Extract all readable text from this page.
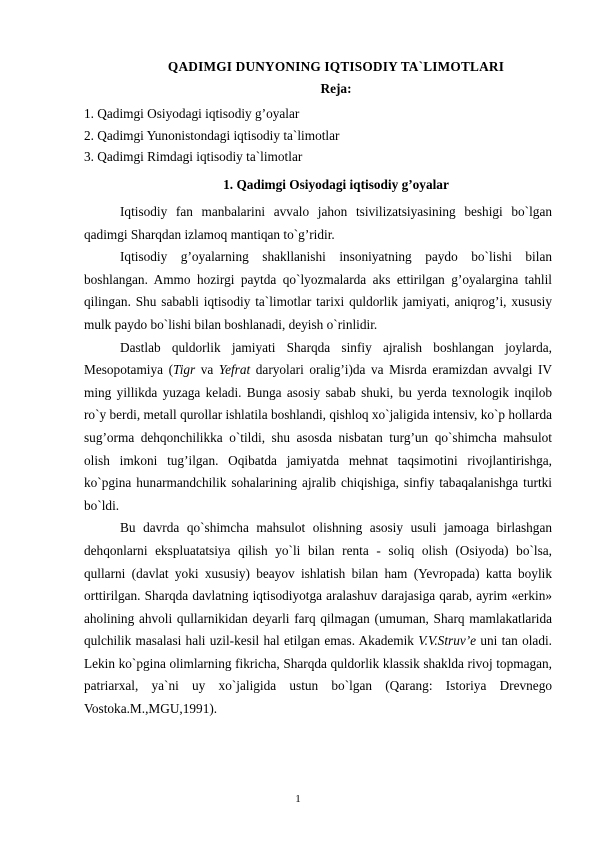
QADIMGI DUNYONING IQTISODIY TA`LIMOTLARI
Reja:
1. Qadimgi Osiyodagi iqtisodiy g’oyalar
2. Qadimgi Yunonistondagi iqtisodiy ta`limotlar
3. Qadimgi Rimdagi iqtisodiy ta`limotlar
1. Qadimgi Osiyodagi iqtisodiy g’oyalar

Iqtisodiy fan manbalarini avvalo jahon tsivilizatsiyasining beshigi bo`lgan qadimgi Sharqdan izlamoq mantiqan to`g’ridir.

Iqtisodiy g’oyalarning shakllanishi insoniyatning paydo bo`lishi bilan boshlangan. Ammo hozirgi paytda qo`lyozmalarda aks ettirilgan g’oyalargina tahlil qilingan. Shu sababli iqtisodiy ta`limotlar tarixi quldorlik jamiyati, aniqrog’i, xususiy mulk paydo bo`lishi bilan boshlanadi, deyish o`rinlidir.

Dastlab quldorlik jamiyati Sharqda sinfiy ajralish boshlangan joylarda, Mesopotamiya (Tigr va Yefrat daryolari oralig’i)da va Misrda eramizdan avvalgi IV ming yillikda yuzaga keladi. Bunga asosiy sabab shuki, bu yerda texnologik inqilob ro`y berdi, metall qurollar ishlatila boshlandi, qishloq xo`jaligida intensiv, ko`p hollarda sug’orma dehqonchilikka o`tildi, shu asosda nisbatan turg’un qo`shimcha mahsulot olish imkoni tug’ilgan. Oqibatda jamiyatda mehnat taqsimotini rivojlantirishga, ko`pgina hunarmandchilik sohalarining ajralib chiqishiga, sinfiy tabaqalanishga turtki bo`ldi.

Bu davrda qo`shimcha mahsulot olishning asosiy usuli jamoaga birlashgan dehqonlarni ekspluatatsiya qilish yo`li bilan renta - soliq olish (Osiyoda) bo`lsa, qullarni (davlat yoki xususiy) beayov ishlatish bilan ham (Yevropada) katta boylik orttirilgan. Sharqda davlatning iqtisodiyotga aralashuv darajasiga qarab, ayrim «erkin» aholining ahvoli qullarnikidan deyarli farq qilmagan (umuman, Sharq mamlakatlarida qulchilik masalasi hali uzil-kesil hal etilgan emas. Akademik V.V.Struv’e uni tan oladi. Lekin ko`pgina olimlarning fikricha, Sharqda quldorlik klassik shaklda rivoj topmagan, patriarxal, ya`ni uy xo`jaligida ustun bo`lgan (Qarang: Istoriya Drevnego Vostoka.M.,MGU,1991).

1
